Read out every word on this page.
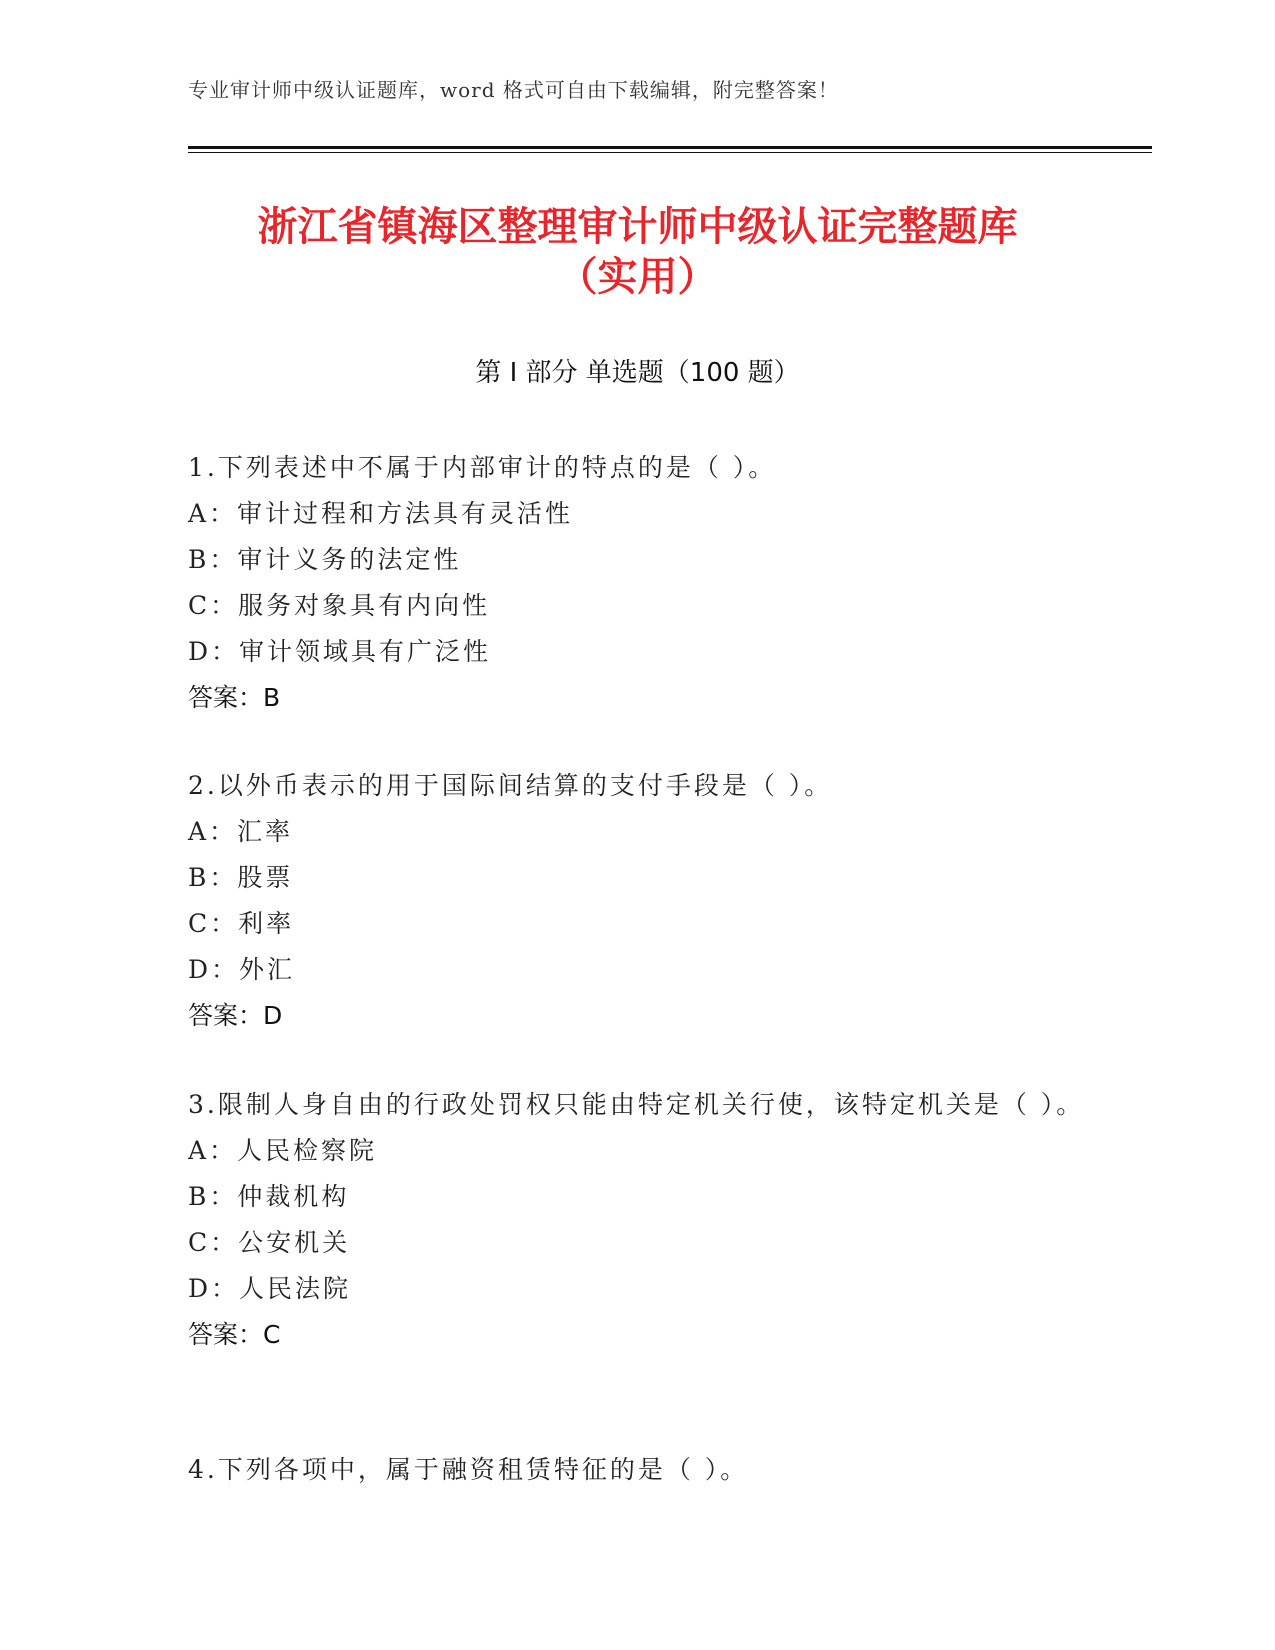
专业审计师中级认证题库，word 格式可自由下载编辑，附完整答案！
浙江省镇海区整理审计师中级认证完整题库
（实用）
第 I 部分 单选题（100 题）
1.下列表述中不属于内部审计的特点的是（ ）。
A：审计过程和方法具有灵活性
B：审计义务的法定性
C：服务对象具有内向性
D：审计领域具有广泛性
答案：B
2.以外币表示的用于国际间结算的支付手段是（ ）。
A：汇率
B：股票
C：利率
D：外汇
答案：D
3.限制人身自由的行政处罚权只能由特定机关行使，该特定机关是（ ）。
A：人民检察院
B：仲裁机构
C：公安机关
D：人民法院
答案：C
4.下列各项中，属于融资租赁特征的是（ ）。
